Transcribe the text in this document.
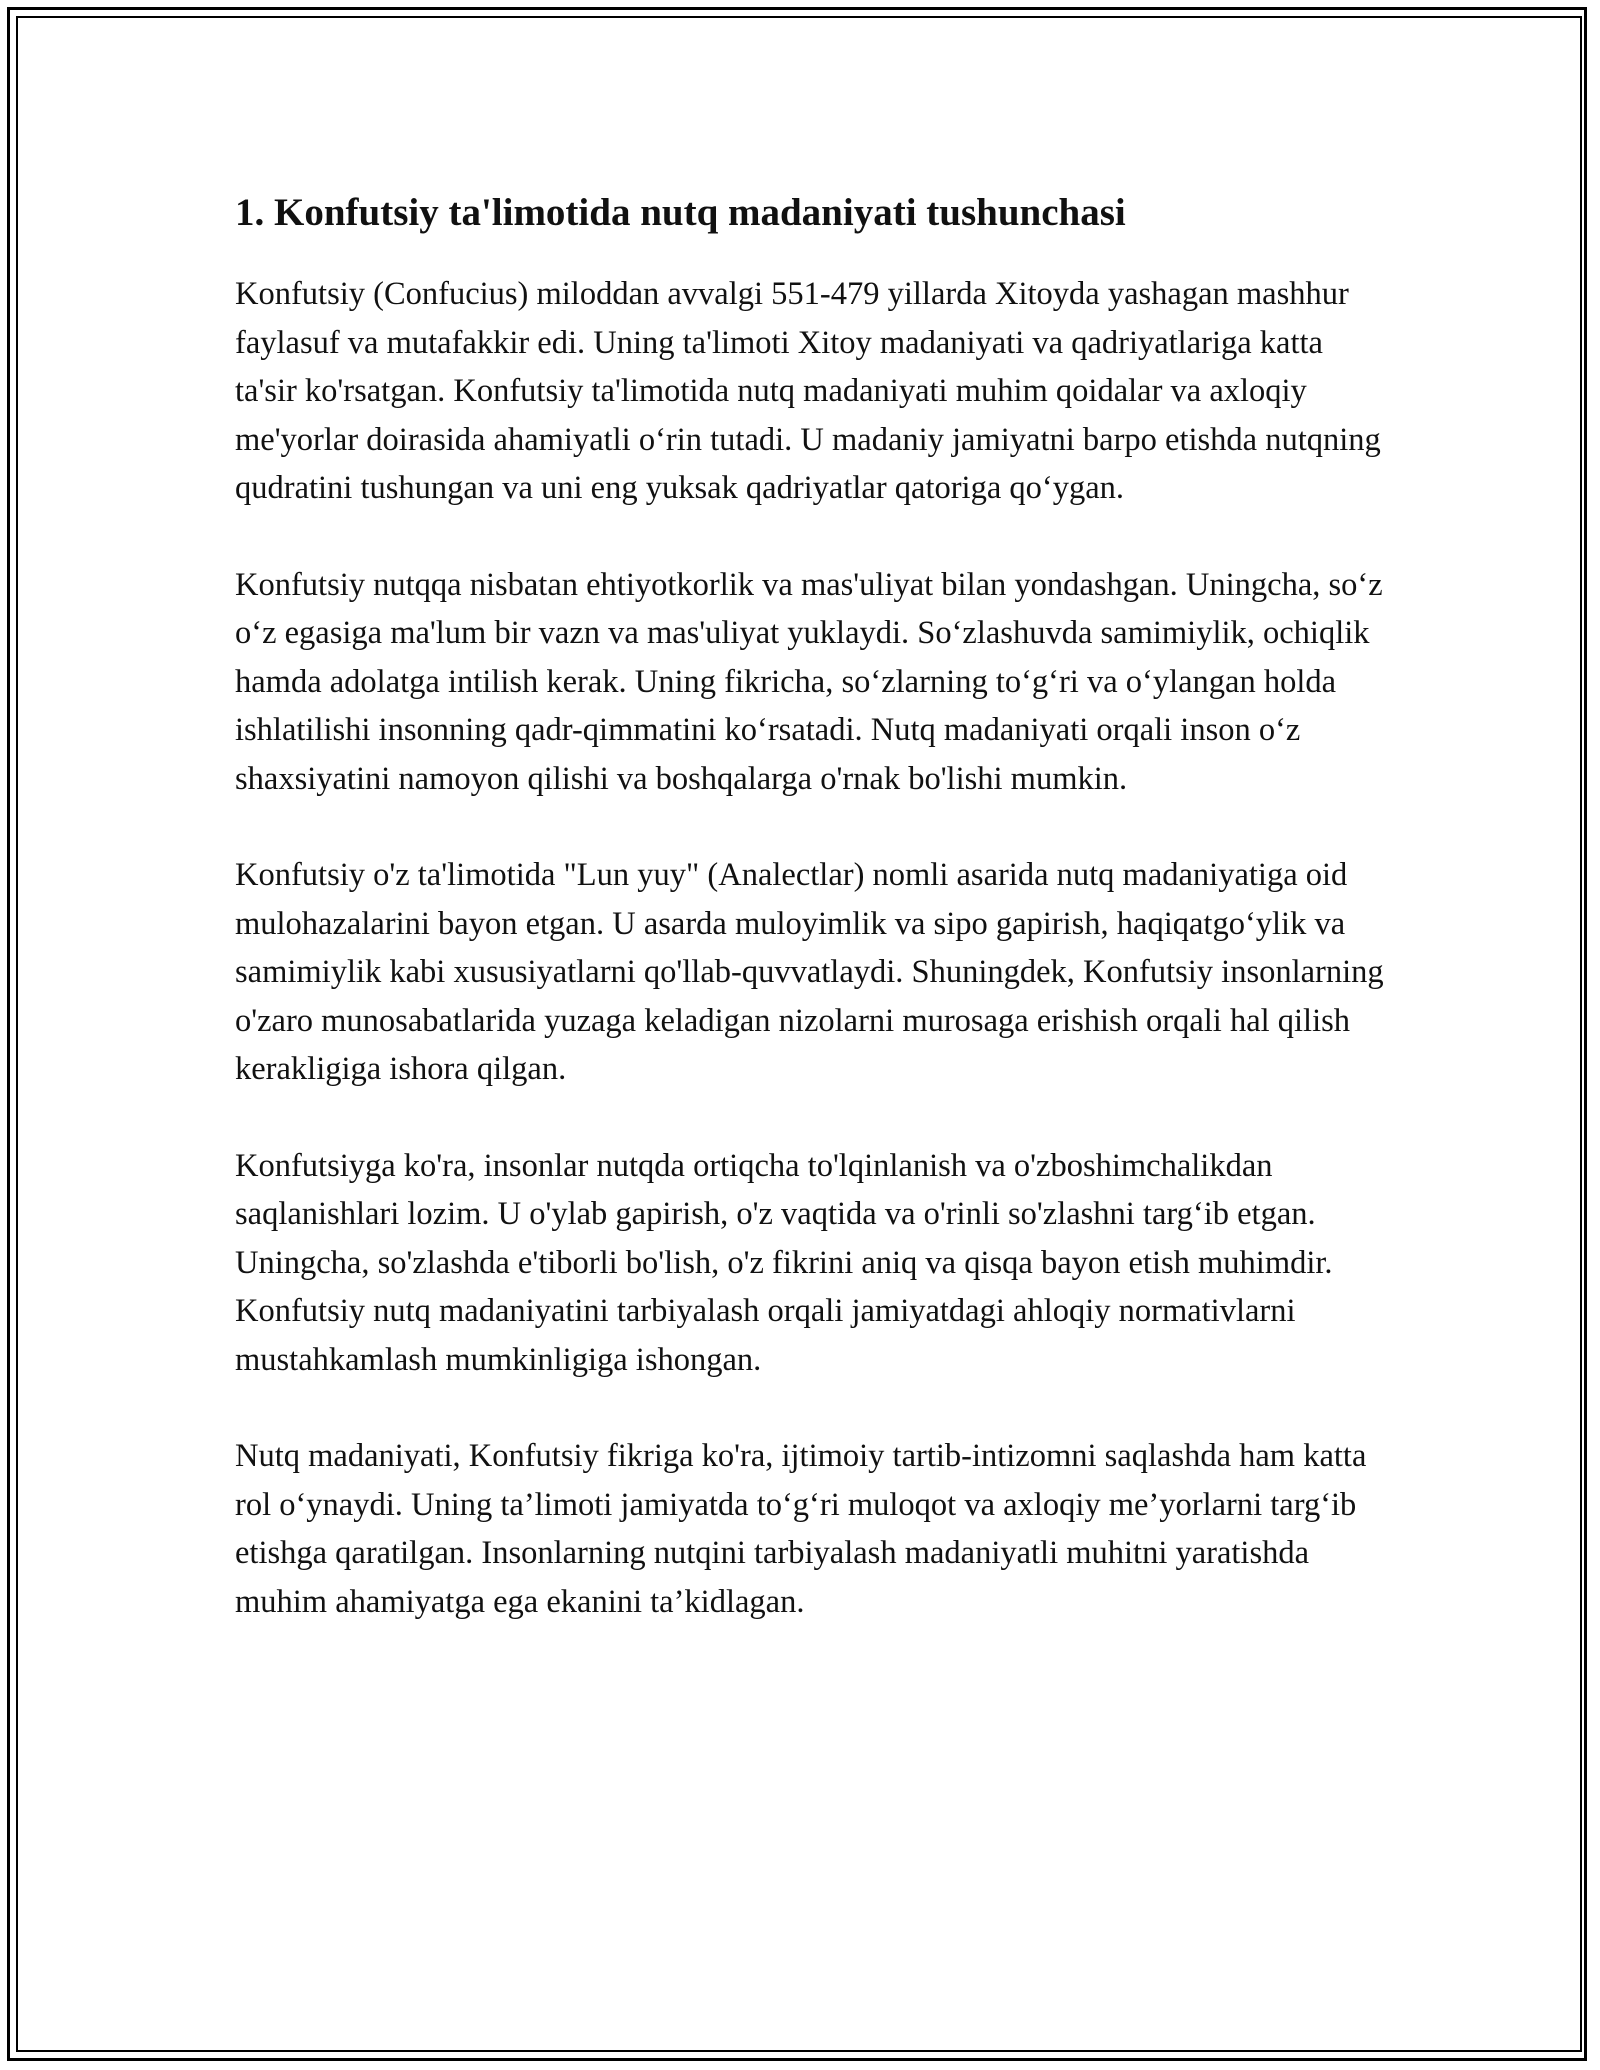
1. Konfutsiy ta'limotida nutq madaniyati tushunchasi

Konfutsiy (Confucius) miloddan avvalgi 551-479 yillarda Xitoyda yashagan mashhur faylasuf va mutafakkir edi. Uning ta'limoti Xitoy madaniyati va qadriyatlariga katta ta'sir ko'rsatgan. Konfutsiy ta'limotida nutq madaniyati muhim qoidalar va axloqiy me'yorlar doirasida ahamiyatli o‘rin tutadi. U madaniy jamiyatni barpo etishda nutqning qudratini tushungan va uni eng yuksak qadriyatlar qatoriga qo‘ygan.

Konfutsiy nutqqa nisbatan ehtiyotkorlik va mas'uliyat bilan yondashgan. Uningcha, so‘z o‘z egasiga ma'lum bir vazn va mas'uliyat yuklaydi. So‘zlashuvda samimiylik, ochiqlik hamda adolatga intilish kerak. Uning fikricha, so‘zlarning to‘g‘ri va o‘ylangan holda ishlatilishi insonning qadr-qimmatini ko‘rsatadi. Nutq madaniyati orqali inson o‘z shaxsiyatini namoyon qilishi va boshqalarga o'rnak bo'lishi mumkin.

Konfutsiy o'z ta'limotida "Lun yuy" (Analectlar) nomli asarida nutq madaniyatiga oid mulohazalarini bayon etgan. U asarda muloyimlik va sipo gapirish, haqiqatgo‘ylik va samimiylik kabi xususiyatlarni qo'llab-quvvatlaydi. Shuningdek, Konfutsiy insonlarning o'zaro munosabatlarida yuzaga keladigan nizolarni murosaga erishish orqali hal qilish kerakligiga ishora qilgan.

Konfutsiyga ko'ra, insonlar nutqda ortiqcha to'lqinlanish va o'zboshimchalikdan saqlanishlari lozim. U o'ylab gapirish, o'z vaqtida va o'rinli so'zlashni targ‘ib etgan. Uningcha, so'zlashda e'tiborli bo'lish, o'z fikrini aniq va qisqa bayon etish muhimdir. Konfutsiy nutq madaniyatini tarbiyalash orqali jamiyatdagi ahloqiy normativlarni mustahkamlash mumkinligiga ishongan.

Nutq madaniyati, Konfutsiy fikriga ko'ra, ijtimoiy tartib-intizomni saqlashda ham katta rol o‘ynaydi. Uning ta’limoti jamiyatda to‘g‘ri muloqot va axloqiy me’yorlarni targ‘ib etishga qaratilgan. Insonlarning nutqini tarbiyalash madaniyatli muhitni yaratishda muhim ahamiyatga ega ekanini ta’kidlagan.
